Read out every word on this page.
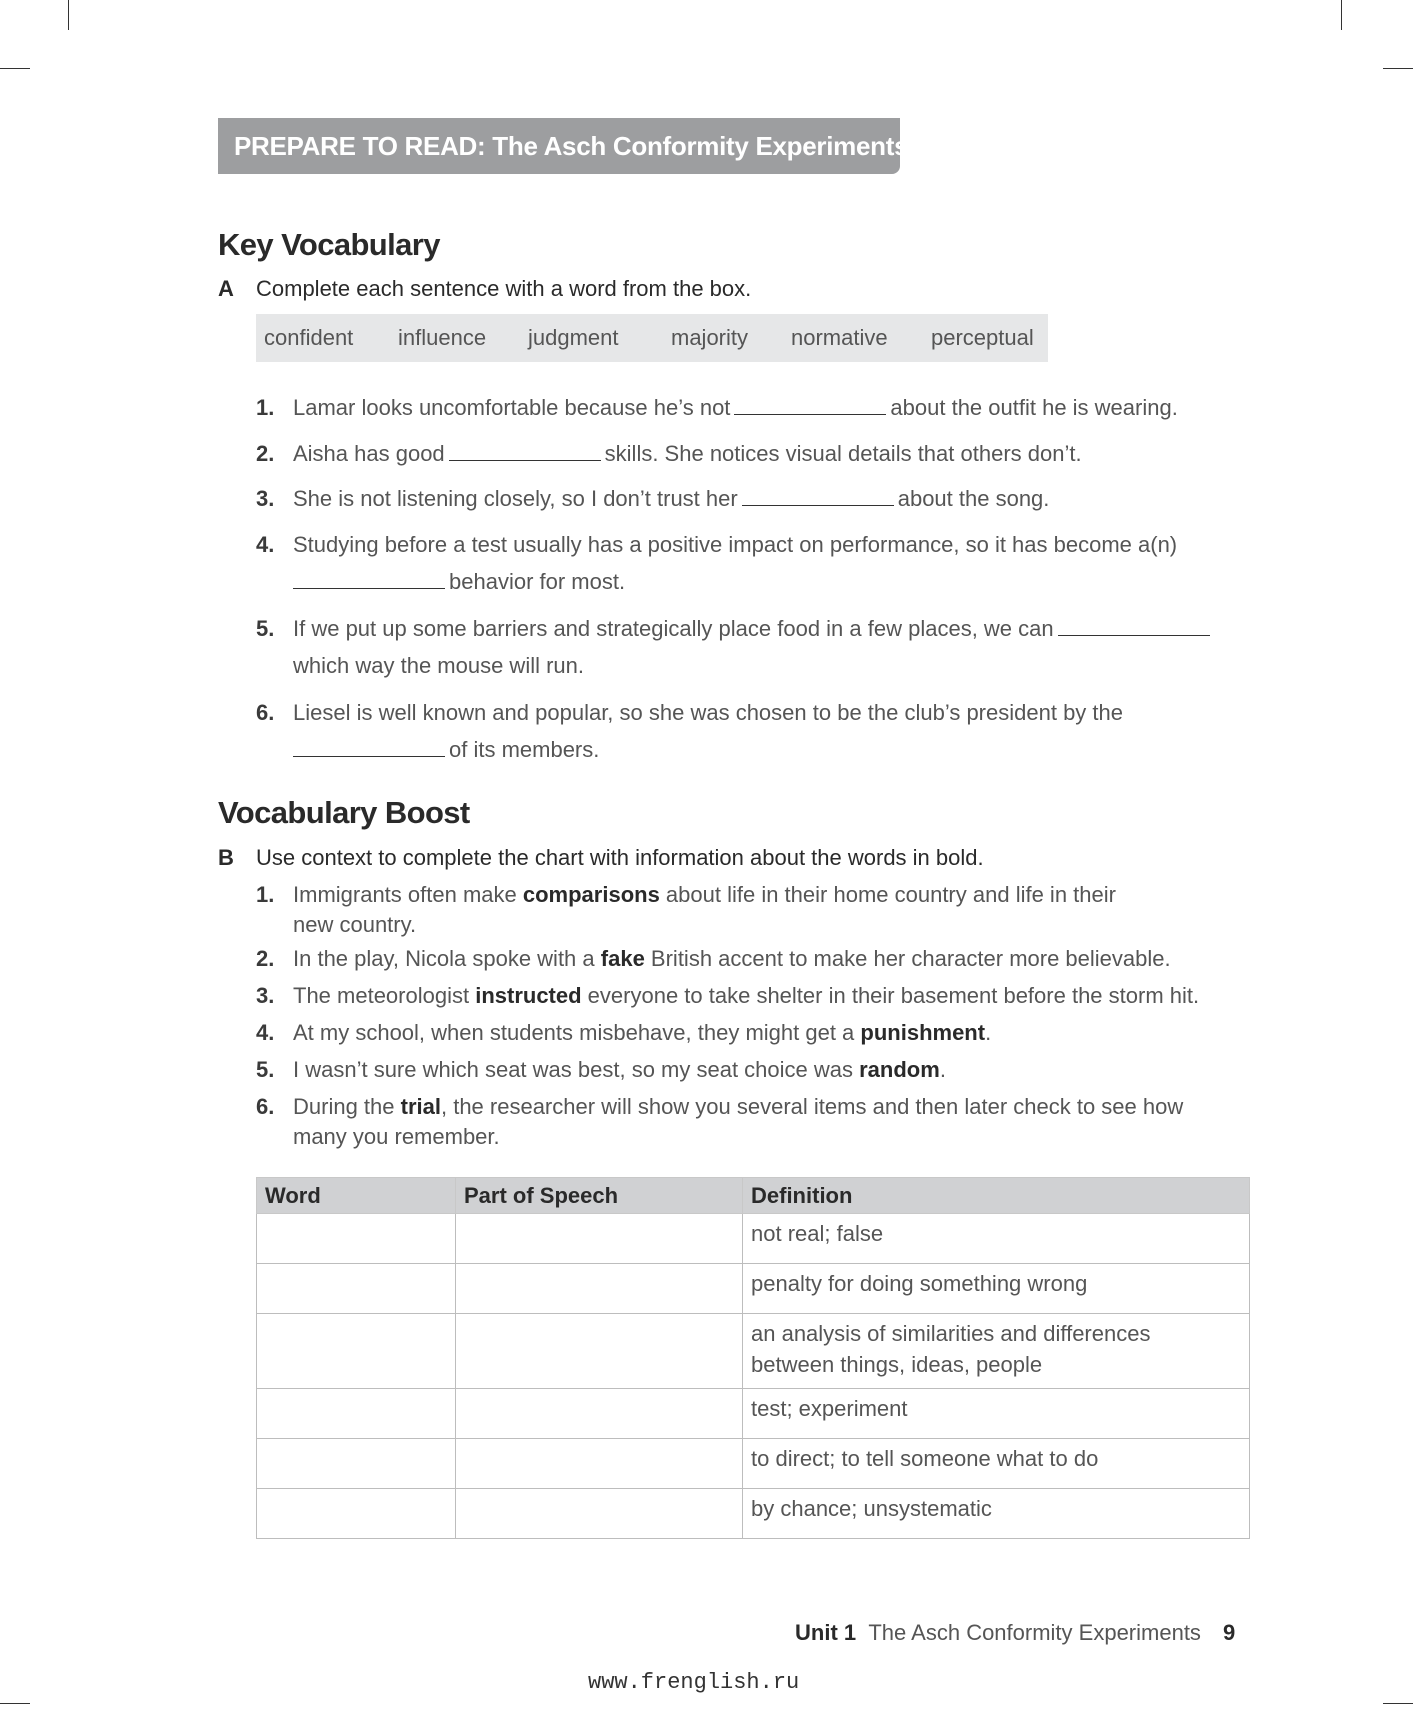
PREPARE TO READ: The Asch Conformity Experiments
Key Vocabulary
A Complete each sentence with a word from the box.
confident	influence	judgment	majority	normative	perceptual
1. Lamar looks uncomfortable because he’s not	about the outfit he is wearing.
2. Aisha has good	skills. She notices visual details that others don’t.
3. She is not listening closely, so I don’t trust her	about the song.
4. Studying before a test usually has a positive impact on performance, so it has become a(n)
behavior for most.
5. If we put up some barriers and strategically place food in a few places, we can
which way the mouse will run.
6. Liesel is well known and popular, so she was chosen to be the club’s president by the
of its members.
Vocabulary Boost
B Use context to complete the chart with information about the words in bold.
1. Immigrants often make comparisons about life in their home country and life in their
new country.
2. In the play, Nicola spoke with a fake British accent to make her character more believable.
3. The meteorologist instructed everyone to take shelter in their basement before the storm hit.
4. At my school, when students misbehave, they might get a punishment.
5. I wasn’t sure which seat was best, so my seat choice was random.
6. During the trial, the researcher will show you several items and then later check to see how
many you remember.
Word	Part of Speech	Definition
		not real; false
		penalty for doing something wrong

		an analysis of similarities and differences
between things, ideas, people

		test; experiment
		to direct; to tell someone what to do
		by chance; unsystematic
Unit 1 The Asch Conformity Experiments 9
www.frenglish.ru
